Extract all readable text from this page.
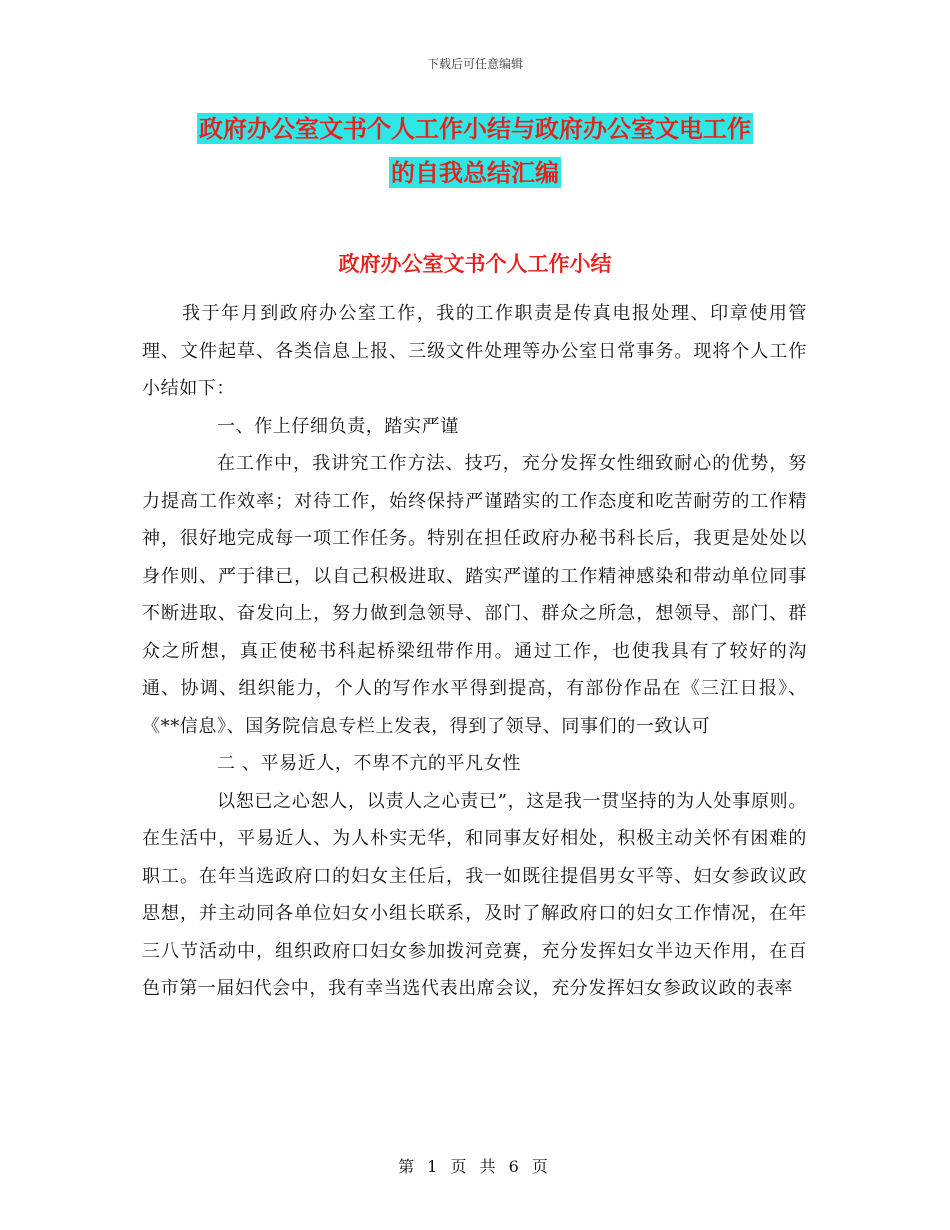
下载后可任意编辑
政府办公室文书个人工作小结与政府办公室文电工作
的自我总结汇编
政府办公室文书个人工作小结

我于年月到政府办公室工作，我的工作职责是传真电报处理、印章使用管理、文件起草、各类信息上报、三级文件处理等办公室日常事务。现将个人工作小结如下：

一、作上仔细负责，踏实严谨

在工作中，我讲究工作方法、技巧，充分发挥女性细致耐心的优势，努力提高工作效率；对待工作，始终保持严谨踏实的工作态度和吃苦耐劳的工作精神，很好地完成每一项工作任务。特别在担任政府办秘书科长后，我更是处处以身作则、严于律已，以自己积极进取、踏实严谨的工作精神感染和带动单位同事不断进取、奋发向上，努力做到急领导、部门、群众之所急，想领导、部门、群众之所想，真正使秘书科起桥梁纽带作用。通过工作，也使我具有了较好的沟通、协调、组织能力，个人的写作水平得到提高，有部份作品在《三江日报》、《**信息》、国务院信息专栏上发表，得到了领导、同事们的一致认可

二 、平易近人，不卑不亢的平凡女性

以恕已之心恕人，以责人之心责已”，这是我一贯坚持的为人处事原则。在生活中，平易近人、为人朴实无华，和同事友好相处，积极主动关怀有困难的职工。在年当选政府口的妇女主任后，我一如既往提倡男女平等、妇女参政议政思想，并主动同各单位妇女小组长联系，及时了解政府口的妇女工作情况，在年三八节活动中，组织政府口妇女参加拨河竞赛，充分发挥妇女半边天作用，在百色市第一届妇代会中，我有幸当选代表出席会议，充分发挥妇女参政议政的表率

第 1 页 共 6 页
